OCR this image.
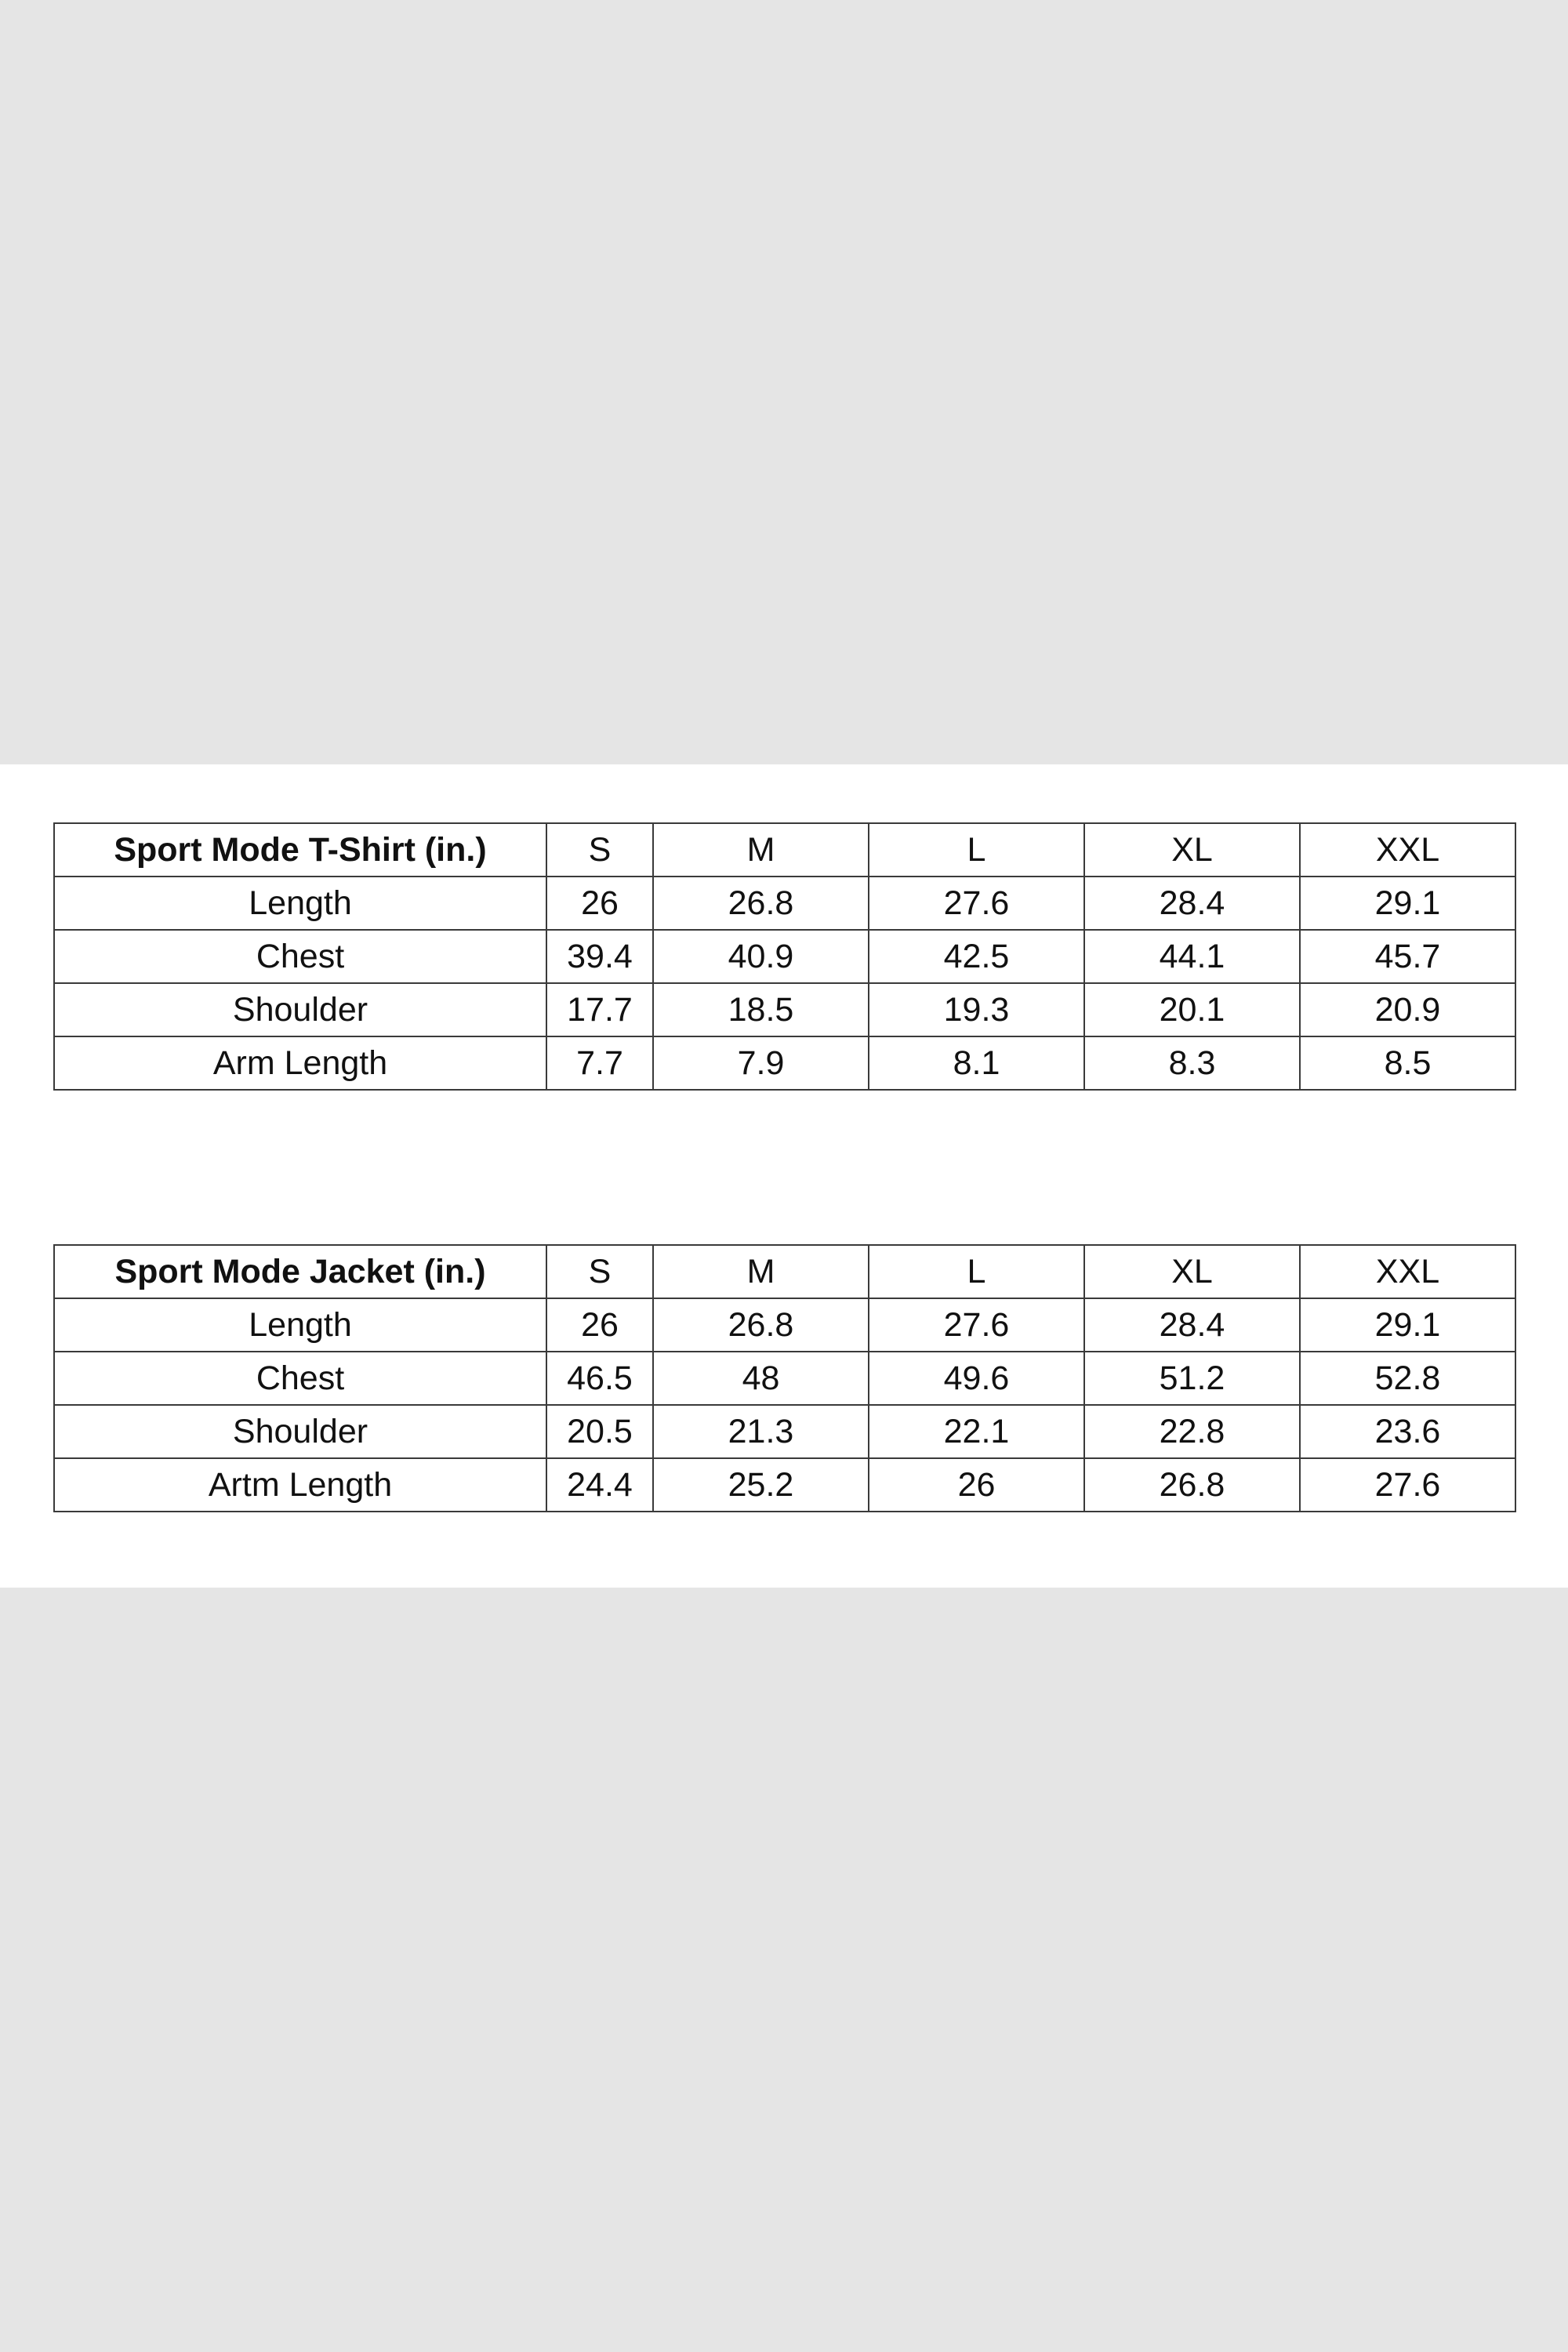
Sport Mode T-Shirt (in.)	S	M	L	XL	XXL
Length	26	26.8	27.6	28.4	29.1
Chest	39.4	40.9	42.5	44.1	45.7
Shoulder	17.7	18.5	19.3	20.1	20.9
Arm Length	7.7	7.9	8.1	8.3	8.5
Sport Mode Jacket (in.)	S	M	L	XL	XXL
Length	26	26.8	27.6	28.4	29.1
Chest	46.5	48	49.6	51.2	52.8
Shoulder	20.5	21.3	22.1	22.8	23.6
Artm Length	24.4	25.2	26	26.8	27.6
